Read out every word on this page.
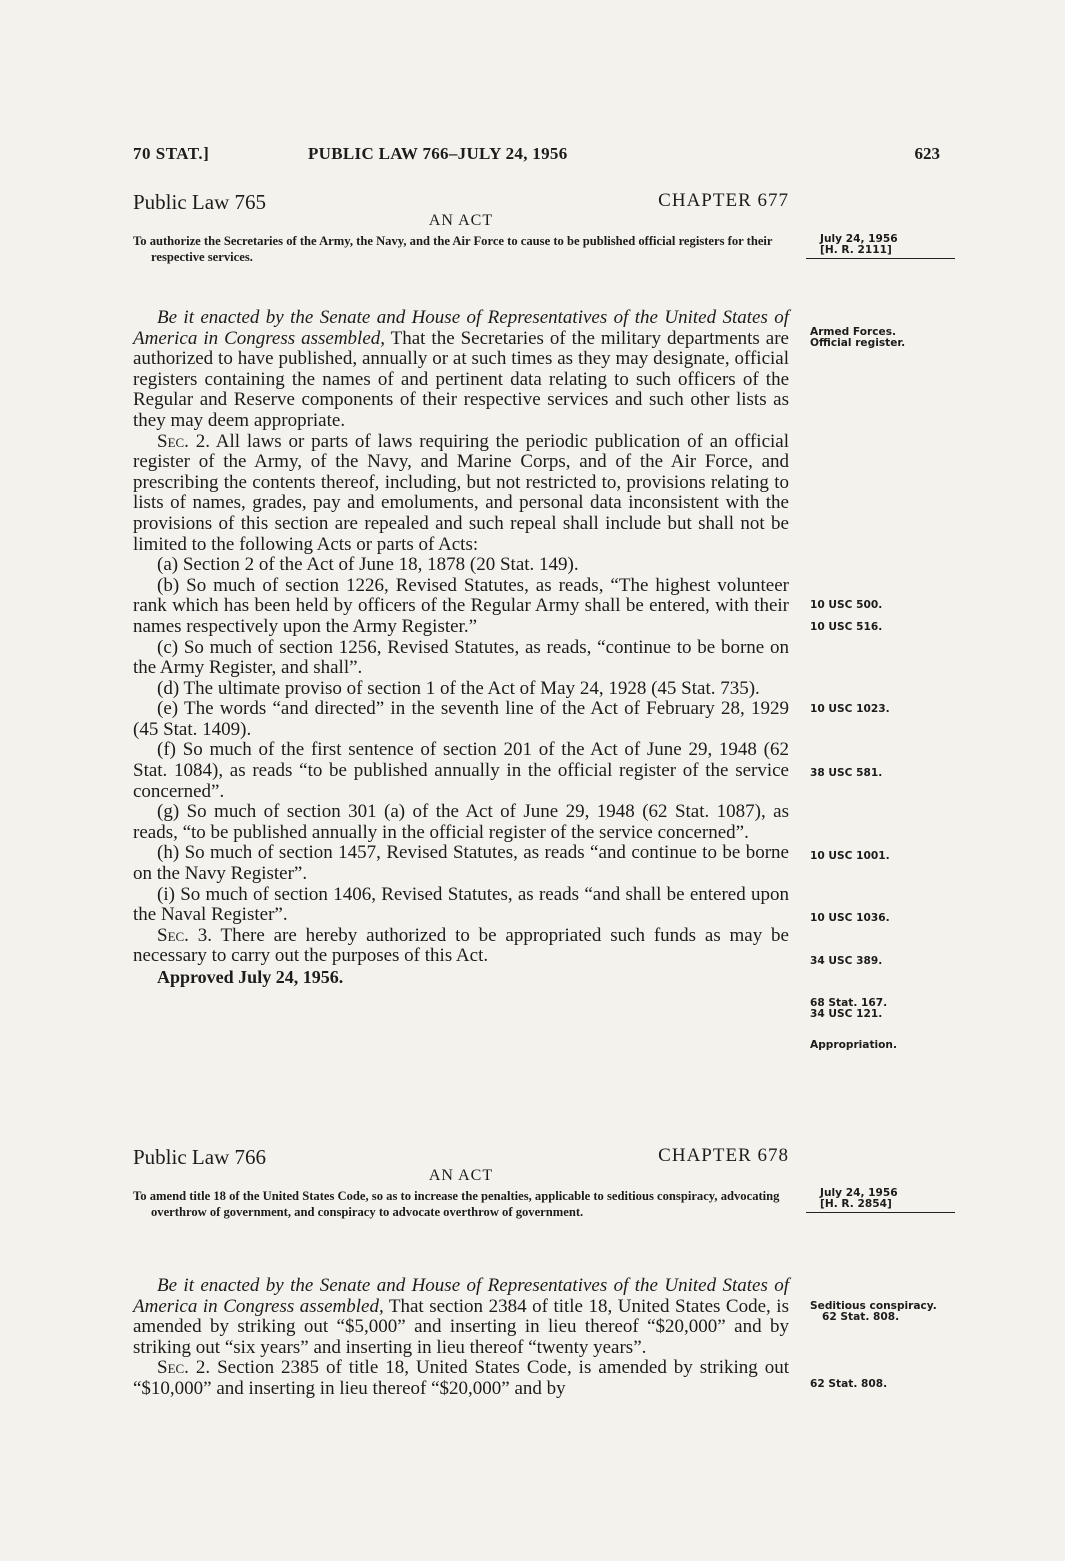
70 STAT.]	PUBLIC LAW 766–JULY 24, 1956	623
Public Law 765	CHAPTER 677
AN ACT
To authorize the Secretaries of the Army, the Navy, and the Air Force to cause to be published official registers for their respective services.

Be it enacted by the Senate and House of Representatives of the United States of America in Congress assembled, That the Secretaries of the military departments are authorized to have published, annually or at such times as they may designate, official registers containing the names of and pertinent data relating to such officers of the Regular and Reserve components of their respective services and such other lists as they may deem appropriate.

Sec. 2. All laws or parts of laws requiring the periodic publication of an official register of the Army, of the Navy, and Marine Corps, and of the Air Force, and prescribing the contents thereof, including, but not restricted to, provisions relating to lists of names, grades, pay and emoluments, and personal data inconsistent with the provisions of this section are repealed and such repeal shall include but shall not be limited to the following Acts or parts of Acts:

(a) Section 2 of the Act of June 18, 1878 (20 Stat. 149).

(b) So much of section 1226, Revised Statutes, as reads, “The highest volunteer rank which has been held by officers of the Regular Army shall be entered, with their names respectively upon the Army Register.”

(c) So much of section 1256, Revised Statutes, as reads, “continue to be borne on the Army Register, and shall”.

(d) The ultimate proviso of section 1 of the Act of May 24, 1928 (45 Stat. 735).

(e) The words “and directed” in the seventh line of the Act of February 28, 1929 (45 Stat. 1409).

(f) So much of the first sentence of section 201 of the Act of June 29, 1948 (62 Stat. 1084), as reads “to be published annually in the official register of the service concerned”.

(g) So much of section 301 (a) of the Act of June 29, 1948 (62 Stat. 1087), as reads, “to be published annually in the official register of the service concerned”.

(h) So much of section 1457, Revised Statutes, as reads “and continue to be borne on the Navy Register”.

(i) So much of section 1406, Revised Statutes, as reads “and shall be entered upon the Naval Register”.

Sec. 3. There are hereby authorized to be appropriated such funds as may be necessary to carry out the purposes of this Act.

Approved July 24, 1956.

July 24, 1956
[H. R. 2111]
Armed Forces.
Official register.
10 USC 500.
10 USC 516.
10 USC 1023.
38 USC 581.
10 USC 1001.
10 USC 1036.
34 USC 389.
68 Stat. 167.
34 USC 121.
Appropriation.
Public Law 766	CHAPTER 678
AN ACT
To amend title 18 of the United States Code, so as to increase the penalties, applicable to seditious conspiracy, advocating overthrow of government, and conspiracy to advocate overthrow of government.

Be it enacted by the Senate and House of Representatives of the United States of America in Congress assembled, That section 2384 of title 18, United States Code, is amended by striking out “$5,000” and inserting in lieu thereof “$20,000” and by striking out “six years” and inserting in lieu thereof “twenty years”.

Sec. 2. Section 2385 of title 18, United States Code, is amended by striking out “$10,000” and inserting in lieu thereof “$20,000” and by

July 24, 1956
[H. R. 2854]
Seditious conspiracy.
62 Stat. 808.
62 Stat. 808.
